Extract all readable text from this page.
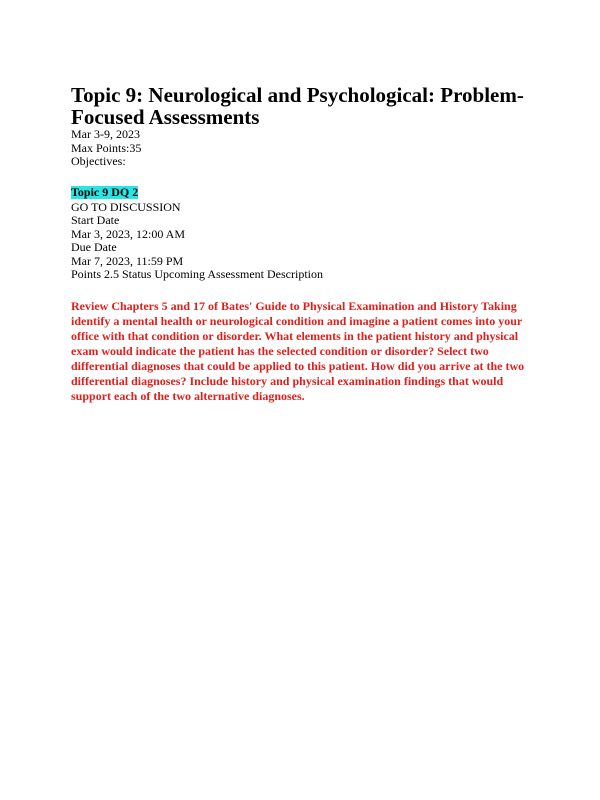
Topic 9: Neurological and Psychological: Problem-Focused Assessments
Mar 3-9, 2023
Max Points:35
Objectives:
Topic 9 DQ 2
GO TO DISCUSSION
Start Date
Mar 3, 2023, 12:00 AM
Due Date
Mar 7, 2023, 11:59 PM
Points 2.5 Status Upcoming Assessment Description

Review Chapters 5 and 17 of Bates' Guide to Physical Examination and History Taking identify a mental health or neurological condition and imagine a patient comes into your office with that condition or disorder. What elements in the patient history and physical exam would indicate the patient has the selected condition or disorder? Select two differential diagnoses that could be applied to this patient. How did you arrive at the two differential diagnoses? Include history and physical examination findings that would support each of the two alternative diagnoses.
